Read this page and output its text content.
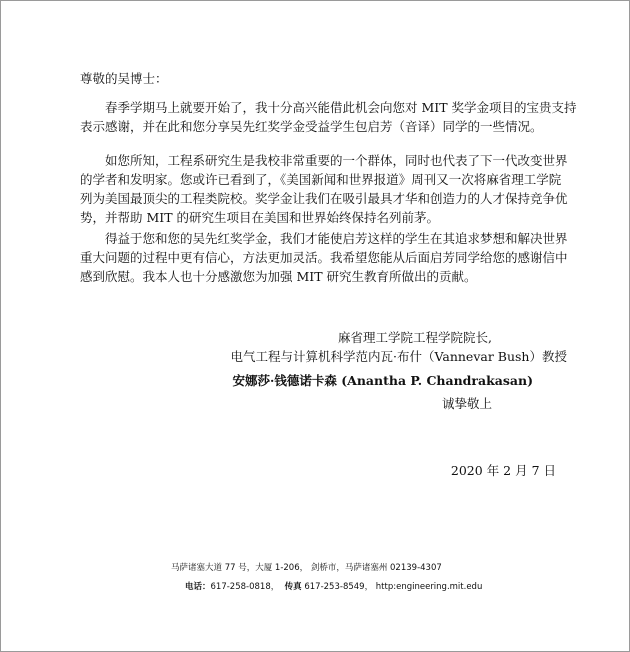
尊敬的吴博士：
春季学期马上就要开始了，我十分高兴能借此机会向您对 MIT 奖学金项目的宝贵支持
表示感谢，并在此和您分享吴先红奖学金受益学生包启芳（音译）同学的一些情况。
如您所知，工程系研究生是我校非常重要的一个群体，同时也代表了下一代改变世界
的学者和发明家。您或许已看到了，《美国新闻和世界报道》周刊又一次将麻省理工学院
列为美国最顶尖的工程类院校。奖学金让我们在吸引最具才华和创造力的人才保持竞争优
势，并帮助 MIT 的研究生项目在美国和世界始终保持名列前茅。
得益于您和您的吴先红奖学金，我们才能使启芳这样的学生在其追求梦想和解决世界
重大问题的过程中更有信心，方法更加灵活。我希望您能从后面启芳同学给您的感谢信中
感到欣慰。我本人也十分感激您为加强 MIT 研究生教育所做出的贡献。
麻省理工学院工程学院院长,
电气工程与计算机科学范内瓦·布什（Vannevar Bush）教授
安娜莎·钱德诺卡森 (Anantha P. Chandrakasan)
诚挚敬上
2020 年 2 月 7 日
马萨诸塞大道 77 号，大厦 1-206， 剑桥市，马萨诸塞州 02139-4307
电话：617-258-0818， 传真 617-253-8549， http:engineering.mit.edu
